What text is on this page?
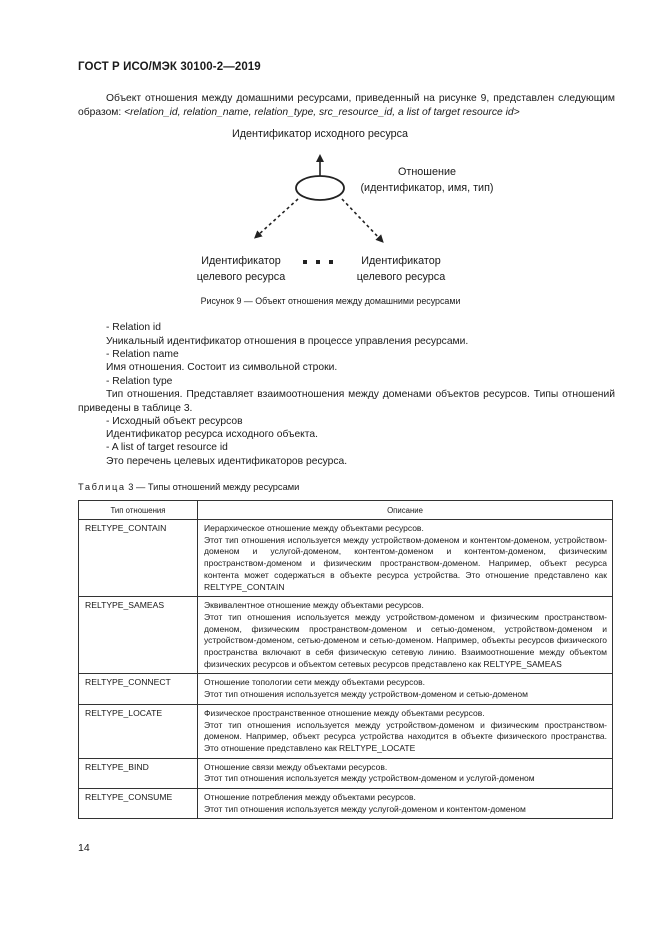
ГОСТ Р ИСО/МЭК 30100-2—2019
Объект отношения между домашними ресурсами, приведенный на рисунке 9, представлен следующим образом: <relation_id, relation_name, relation_type, src_resource_id, a list of target resource id>
Идентификатор исходного ресурса
Отношение
(идентификатор, имя, тип)
Идентификатор
целевого ресурса
Идентификатор
целевого ресурса
Рисунок 9 — Объект отношения между домашними ресурсами
- Relation id
Уникальный идентификатор отношения в процессе управления ресурсами.
- Relation name
Имя отношения. Состоит из символьной строки.
- Relation type
Тип отношения. Представляет взаимоотношения между доменами объектов ресурсов. Типы отношений приведены в таблице 3.
- Исходный объект ресурсов
Идентификатор ресурса исходного объекта.
- A list of target resource id
Это перечень целевых идентификаторов ресурса.
Таблица 3 — Типы отношений между ресурсами
Тип отношения	Описание
RELTYPE_CONTAIN	Иерархическое отношение между объектами ресурсов.
Этот тип отношения используется между устройством-доменом и контентом-доменом, устройством-доменом и услугой-доменом, контентом-доменом и контентом-доменом, физическим пространством-доменом и физическим пространством-доменом. Например, объект ресурса контента может содержаться в объекте ресурса устройства. Это отношение представлено как RELTYPE_CONTAIN
RELTYPE_SAMEAS	Эквивалентное отношение между объектами ресурсов.
Этот тип отношения используется между устройством-доменом и физическим пространством-доменом, физическим пространством-доменом и сетью-доменом, устройством-доменом и устройством-доменом, сетью-доменом и сетью-доменом. Например, объекты ресурсов физического пространства включают в себя физическую сетевую линию. Взаимоотношение между объектом физических ресурсов и объектом сетевых ресурсов представлено как RELTYPE_SAMEAS
RELTYPE_CONNECT	Отношение топологии сети между объектами ресурсов.
Этот тип отношения используется между устройством-доменом и сетью-доменом
RELTYPE_LOCATE	Физическое пространственное отношение между объектами ресурсов.
Этот тип отношения используется между устройством-доменом и физическим пространством-доменом. Например, объект ресурса устройства находится в объекте физического пространства. Это отношение представлено как RELTYPE_LOCATE
RELTYPE_BIND	Отношение связи между объектами ресурсов.
Этот тип отношения используется между устройством-доменом и услугой-доменом
RELTYPE_CONSUME	Отношение потребления между объектами ресурсов.
Этот тип отношения используется между услугой-доменом и контентом-доменом
14
